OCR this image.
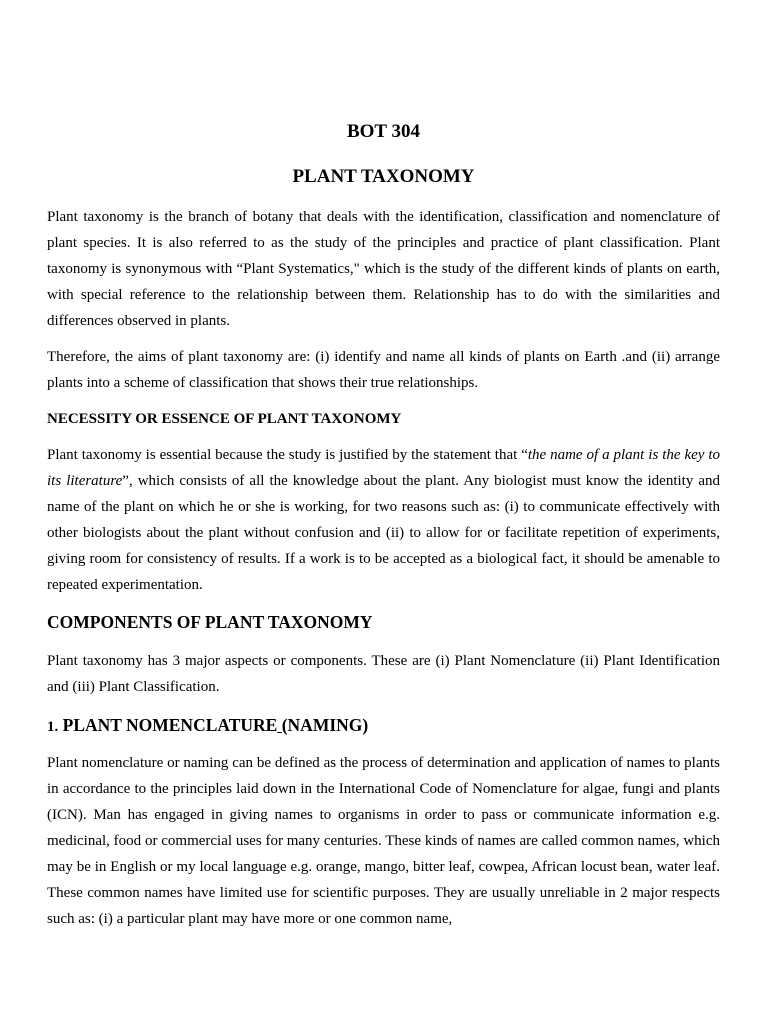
BOT 304
PLANT TAXONOMY

Plant taxonomy is the branch of botany that deals with the identification, classification and nomenclature of plant species. It is also referred to as the study of the principles and practice of plant classification. Plant taxonomy is synonymous with “Plant Systematics," which is the study of the different kinds of plants on earth, with special reference to the relationship between them. Relationship has to do with the similarities and differences observed in plants.

Therefore, the aims of plant taxonomy are: (i) identify and name all kinds of plants on Earth .and (ii) arrange plants into a scheme of classification that shows their true relationships.

NECESSITY OR ESSENCE OF PLANT TAXONOMY

Plant taxonomy is essential because the study is justified by the statement that “the name of a plant is the key to its literature”, which consists of all the knowledge about the plant. Any biologist must know the identity and name of the plant on which he or she is working, for two reasons such as: (i) to communicate effectively with other biologists about the plant without confusion and (ii) to allow for or facilitate repetition of experiments, giving room for consistency of results. If a work is to be accepted as a biological fact, it should be amenable to repeated experimentation.

COMPONENTS OF PLANT TAXONOMY

Plant taxonomy has 3 major aspects or components. These are (i) Plant Nomenclature (ii) Plant Identification and (iii) Plant Classification.

1. PLANT NOMENCLATURE (NAMING)

Plant nomenclature or naming can be defined as the process of determination and application of names to plants in accordance to the principles laid down in the International Code of Nomenclature for algae, fungi and plants (ICN). Man has engaged in giving names to organisms in order to pass or communicate information e.g. medicinal, food or commercial uses for many centuries. These kinds of names are called common names, which may be in English or my local language e.g. orange, mango, bitter leaf, cowpea, African locust bean, water leaf. These common names have limited use for scientific purposes. They are usually unreliable in 2 major respects such as: (i) a particular plant may have more or one common name,
